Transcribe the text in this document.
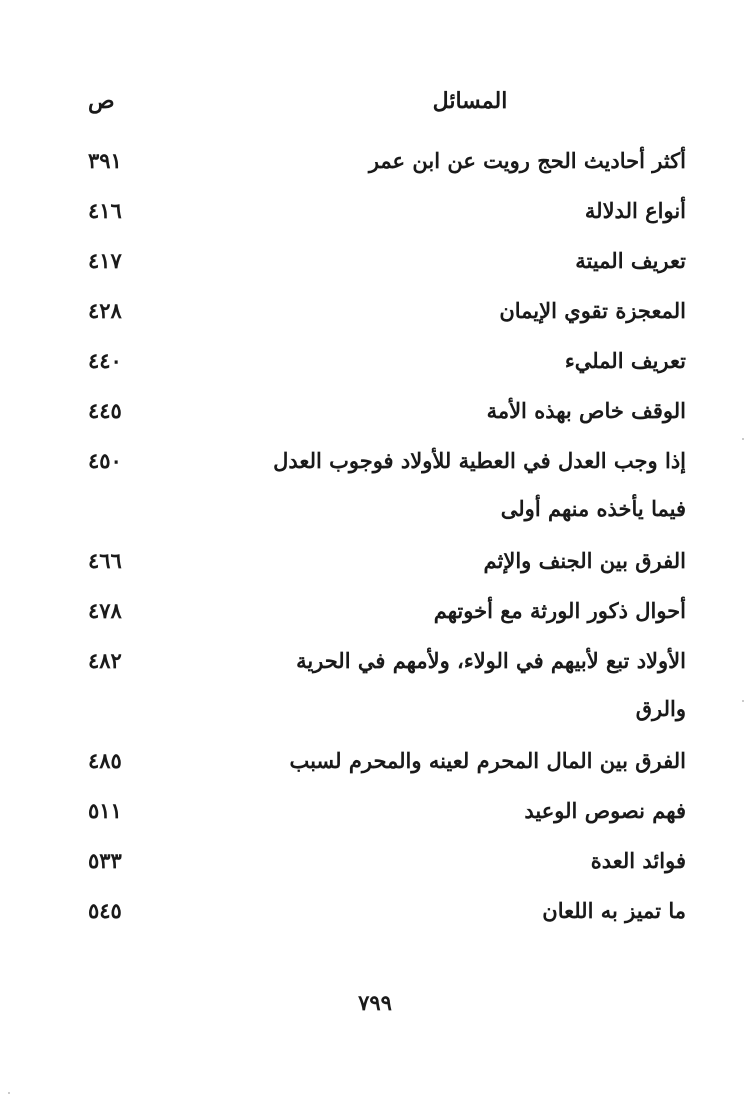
المسائل
ص
أكثر أحاديث الحج رويت عن ابن عمر
٣٩١
أنواع الدلالة
٤١٦
تعريف الميتة
٤١٧
المعجزة تقوي الإيمان
٤٢٨
تعريف المليء
٤٤٠
الوقف خاص بهذه الأمة
٤٤٥
إذا وجب العدل في العطية للأولاد فوجوب العدل
٤٥٠
فيما يأخذه منهم أولى
الفرق بين الجنف والإثم
٤٦٦
أحوال ذكور الورثة مع أخوتهم
٤٧٨
الأولاد تبع لأبيهم في الولاء، ولأمهم في الحرية
٤٨٢
والرق
الفرق بين المال المحرم لعينه والمحرم لسبب
٤٨٥
فهم نصوص الوعيد
٥١١
فوائد العدة
٥٣٣
ما تميز به اللعان
٥٤٥
٧٩٩
